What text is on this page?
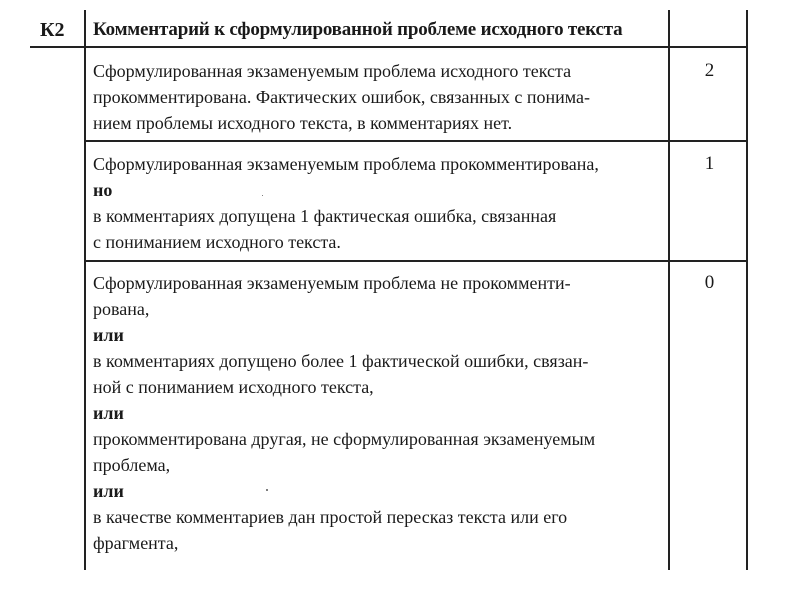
К2 Комментарий к сформулированной проблеме исходного текста

Сформулированная экзаменуемым проблема исходного текста

прокомментирована. Фактических ошибок, связанных с понима-

нием проблемы исходного текста, в комментариях нет.

2

Сформулированная экзаменуемым проблема прокомментирована,

но

в комментариях допущена 1 фактическая ошибка, связанная

с пониманием исходного текста.

1

Сформулированная экзаменуемым проблема не прокомменти-

рована,

или

в комментариях допущено более 1 фактической ошибки, связан-

ной с пониманием исходного текста,

или

прокомментирована другая, не сформулированная экзаменуемым

проблема,

или

в качестве комментариев дан простой пересказ текста или его

фрагмента,

0
